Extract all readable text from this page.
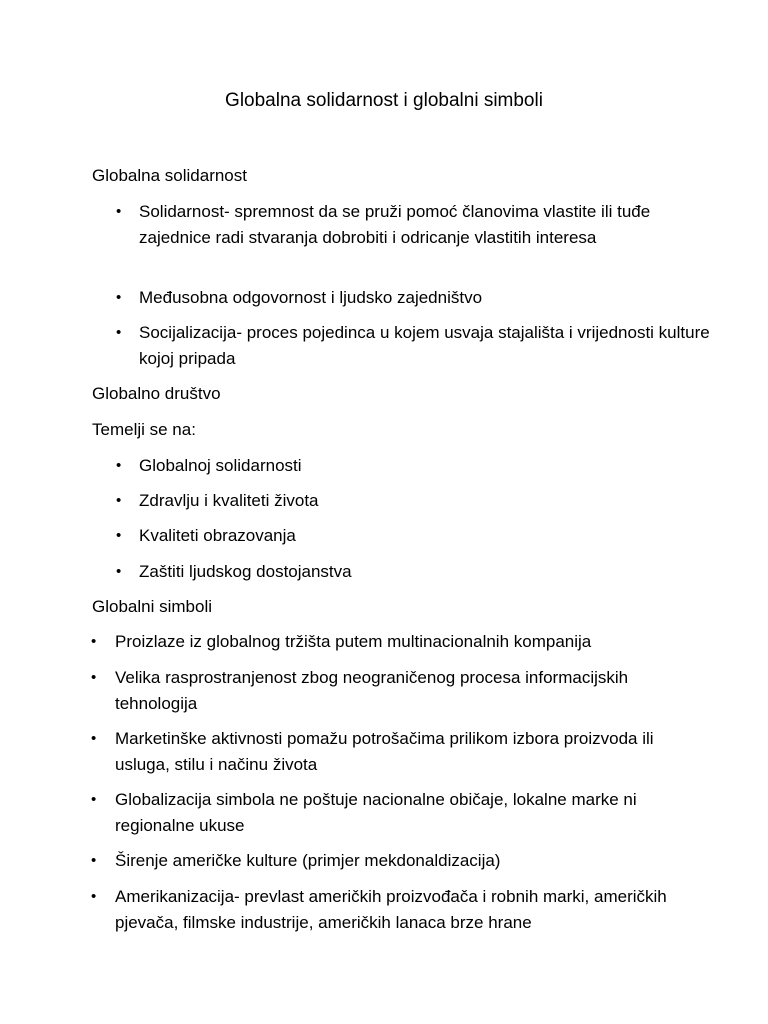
Globalna solidarnost i globalni simboli

Globalna solidarnost

•	Solidarnost- spremnost da se pruži pomoć članovima vlastite ili tuđe zajednice radi stvaranja dobrobiti i odricanje vlastitih interesa
•	Međusobna odgovornost i ljudsko zajedništvo
•	Socijalizacija- proces pojedinca u kojem usvaja stajališta i vrijednosti kulture kojoj pripada

Globalno društvo

Temelji se na:

•	Globalnoj solidarnosti
•	Zdravlju i kvaliteti života
•	Kvaliteti obrazovanja
•	Zaštiti ljudskog dostojanstva

Globalni simboli

•	Proizlaze iz globalnog tržišta putem multinacionalnih kompanija
•	Velika rasprostranjenost zbog neograničenog procesa informacijskih tehnologija
•	Marketinške aktivnosti pomažu potrošačima prilikom izbora proizvoda ili usluga, stilu i načinu života
•	Globalizacija simbola ne poštuje nacionalne običaje, lokalne marke ni regionalne ukuse
•	Širenje američke kulture (primjer mekdonaldizacija)
•	Amerikanizacija- prevlast američkih proizvođača i robnih marki, američkih pjevača, filmske industrije, američkih lanaca brze hrane
